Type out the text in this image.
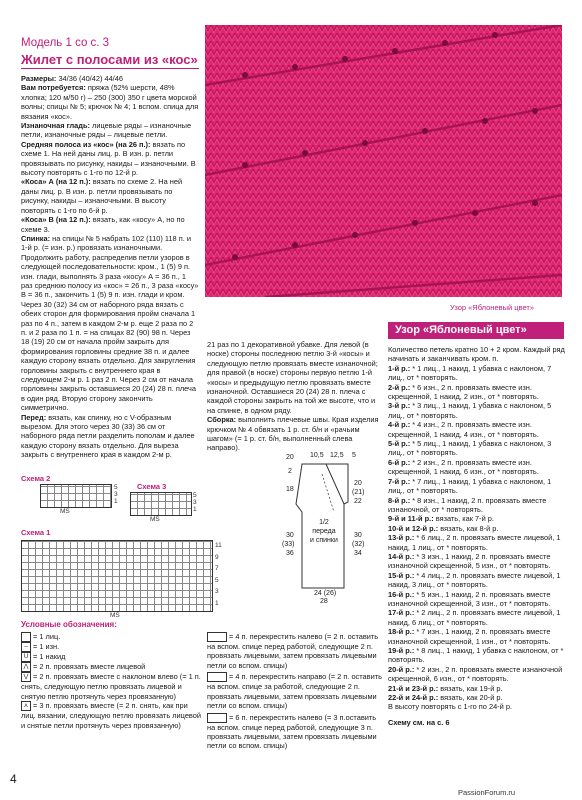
Модель 1 со с. 3
Жилет с полосами из «кос»
Узор «Яблоневый цвет»

Размеры: 34/36 (40/42) 44/46

Вам потребуется: пряжа (52% шерсти, 48% хлопка; 120 м/50 г) – 250 (300) 350 г цвета морской волны; спицы № 5; крючок № 4; 1 вспом. спица для вязания «кос».

Изнаночная гладь: лицевые ряды – изнаночные петли, изнаночные ряды – лицевые петли.

Средняя полоса из «кос» (на 26 п.): вязать по схеме 1. На ней даны лиц. р. В изн. р. петли провязывать по рисунку, накиды – изнаночными. В высоту повторять с 1-го по 12-й р.

«Коса» А (на 12 п.): вязать по схеме 2. На ней даны лиц. р. В изн. р. петли провязывать по рисунку, накиды – изнаночными. В высоту повторять с 1-го по 6-й р.

«Коса» В (на 12 п.): вязать, как «косу» А, но по схеме 3.

Спинка: на спицы № 5 набрать 102 (110) 118 п. и 1-й р. (= изн. р.) провязать изнаночными. Продолжить работу, распределив петли узоров в следующей последовательности: кром., 1 (5) 9 п. изн. глади, выполнять 3 раза «косу» А = 36 п., 1 раз среднюю полосу из «кос» = 26 п., 3 раза «косу» В = 36 п., закончить 1 (5) 9 п. изн. глади и кром.

Через 30 (32) 34 см от наборного ряда вязать с обеих сторон для формирования пройм сначала 1 раз по 4 п., затем в каждом 2-м р. еще 2 раза по 2 п. и 2 раза по 1 п. = на спицах 82 (90) 98 п. Через 18 (19) 20 см от начала пройм закрыть для формирования горловины средние 38 п. и далее каждую сторону вязать отдельно. Для закругления горловины закрыть с внутреннего края в следующем 2-м р. 1 раз 2 п. Через 2 см от начала горловины закрыть оставшиеся 20 (24) 28 п. плеча в один ряд. Вторую сторону закончить симметрично.

Перед: вязать, как спинку, но с V-образным вырезом. Для этого через 30 (33) 36 см от наборного ряда петли разделить пополам и далее каждую сторону вязать отдельно. Для выреза закрыть с внутреннего края в каждом 2-м р.

Схема 2
5
3
1
MS
Схема 3
5
3
1
MS
Схема 1
11
9
7
5
3
1
MS
Условные обозначения:

= 1 лиц.

– = 1 изн.

U = 1 накид

⋀ = 2 п. провязать вместе лицевой

⋁ = 2 п. провязать вместе с наклоном влево (= 1 п. снять, следующую петлю провязать лицевой и снятую петлю протянуть через провязанную)

⋏ = 3 п. провязать вместе (= 2 п. снять, как при лиц. вязании, следующую петлю провязать лицевой и снятые петли протянуть через провязанную)

21 раз по 1 декоративной убавке. Для левой (в носке) стороны последнюю петлю 3-й «косы» и следующую петлю провязать вместе изнаночной; для правой (в носке) стороны первую петлю 1-й «косы» и предыдущую петлю провязать вместе изнаночной. Оставшиеся 20 (24) 28 п. плеча с каждой стороны закрыть на той же высоте, что и на спинке, в одном ряду.

Сборка: выполнить плечевые швы. Края изделия крючком № 4 обвязать 1 р. ст. б/н и «рачьим шагом» (= 1 р. ст. б/н, выполненный слева направо).

20 10,5 12,5 5
2
18
30
(33)
36
20
(21)
22
30
(32)
34
1/2
переда
и спинки
24 (26)
28

= 4 п. перекрестить налево (= 2 п. оставить на вспом. спице перед работой, следующие 2 п. провязать лицевыми, затем провязать лицевыми петли со вспом. спицы)

= 4 п. перекрестить направо (= 2 п. оставить на вспом. спице за работой, следующие 2 п. провязать лицевыми, затем провязать лицевыми петли со вспом. спицы)

= 6 п. перекрестить налево (= 3 п.оставить на вспом. спице перед работой, следующие 3 п. провязать лицевыми, затем провязать лицевыми петли со вспом. спицы)

Узор «Яблоневый цвет»

Количество петель кратно 10 + 2 кром. Каждый ряд начинать и заканчивать кром. п.

1-й р.: * 1 лиц., 1 накид, 1 убавка с наклоном, 7 лиц., от * повторять.

2-й р.: * 6 изн., 2 п. провязать вместе изн. скрещенной, 1 накид, 2 изн., от * повторять.

3-й р.: * 3 лиц., 1 накид, 1 убавка с наклоном, 5 лиц., от * повторять.

4-й р.: * 4 изн., 2 п. провязать вместе изн. скрещенной, 1 накид, 4 изн., от * повторять.

5-й р.: * 5 лиц., 1 накид, 1 убавка с наклоном, 3 лиц., от * повторять.

6-й р.: * 2 изн., 2 п. провязать вместе изн. скрещенной, 1 накид, 6 изн., от * повторять.

7-й р.: * 7 лиц., 1 накид, 1 убавка с наклоном, 1 лиц., от * повторять.

8-й р.: * 8 изн., 1 накид, 2 п. провязать вместе изнаночной, от * повторять.

9-й и 11-й р.: вязать, как 7-й р.

10-й и 12-й р.: вязать, как 8-й р.

13-й р.: * 6 лиц., 2 п. провязать вместе лицевой, 1 накид, 1 лиц., от * повторять.

14-й р.: * 3 изн., 1 накид, 2 п. провязать вместе изнаночной скрещенной, 5 изн., от * повторять.

15-й р.: * 4 лиц., 2 п. провязать вместе лицевой, 1 накид, 3 лиц., от * повторять.

16-й р.: * 5 изн., 1 накид, 2 п. провязать вместе изнаночной скрещенной, 3 изн., от * повторять.

17-й р.: * 2 лиц., 2 п. провязать вместе лицевой, 1 накид, 6 лиц., от * повторять.

18-й р.: * 7 изн., 1 накид, 2 п. провязать вместе изнаночной скрещенной, 1 изн., от * повторять.

19-й р.: * 8 лиц., 1 накид, 1 убавка с наклоном, от * повторять.

20-й р.: * 2 изн., 2 п. провязать вместе изнаночной скрещенной, 6 изн., от * повторять.

21-й и 23-й р.: вязать, как 19-й р.

22-й и 24-й р.: вязать, как 20-й р.

В высоту повторять с 1-го по 24-й р.

Схему см. на с. 6

4
PassionForum.ru
